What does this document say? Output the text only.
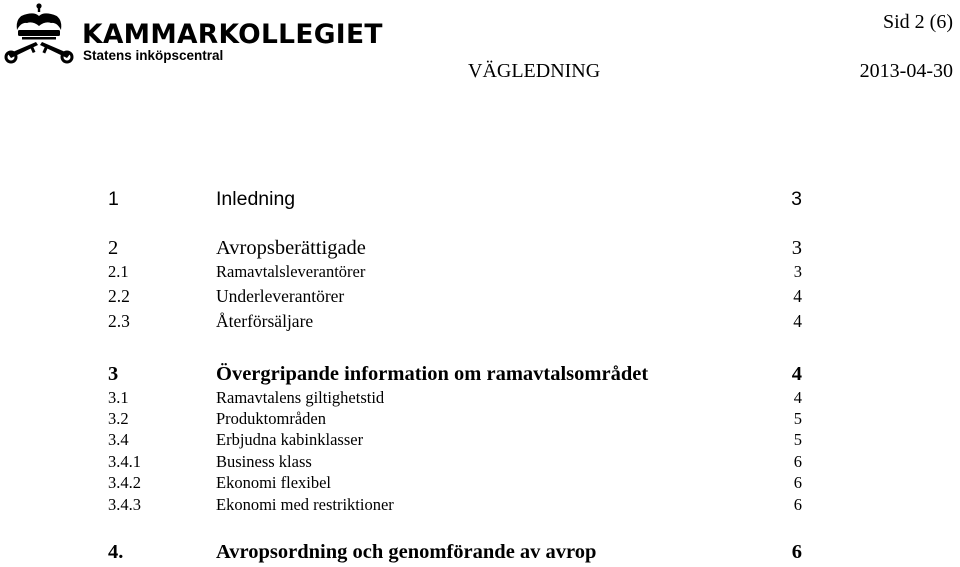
KAMMARKOLLEGIET
Statens inköpscentral
Sid 2 (6)
VÄGLEDNING	2013-04-30
1	Inledning	3
2	Avropsberättigade	3
2.1	Ramavtalsleverantörer	3
2.2	Underleverantörer	4
2.3	Återförsäljare	4
3	Övergripande information om ramavtalsområdet	4
3.1	Ramavtalens giltighetstid	4
3.2	Produktområden	5
3.4	Erbjudna kabinklasser	5
3.4.1	Business klass	6
3.4.2	Ekonomi flexibel	6
3.4.3	Ekonomi med restriktioner	6
4.	Avropsordning och genomförande av avrop	6
